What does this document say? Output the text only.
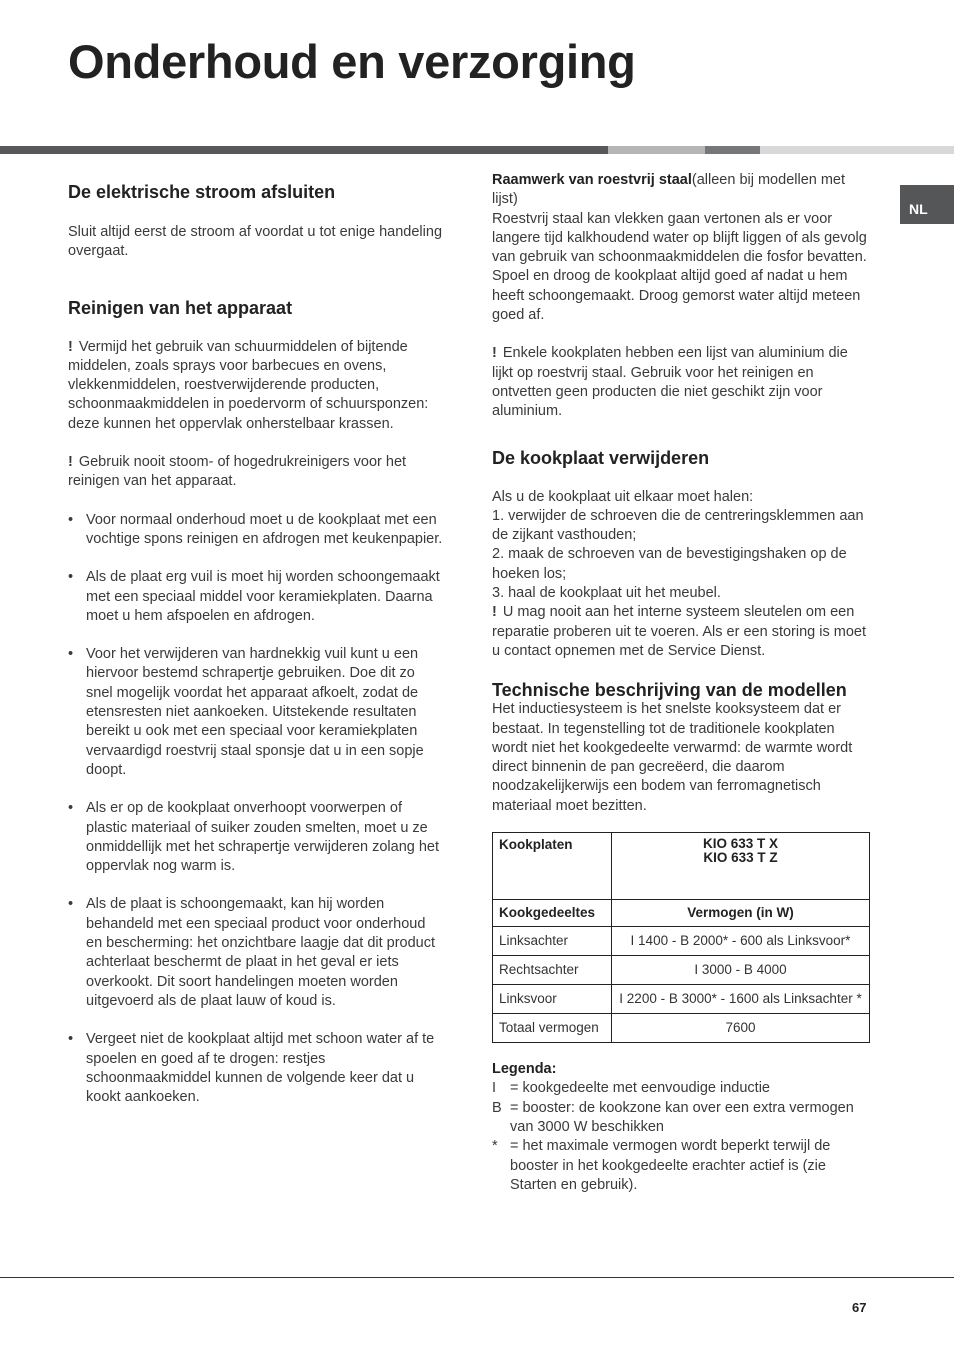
Onderhoud en verzorging
NL
De elektrische stroom afsluiten

Sluit altijd eerst de stroom af voordat u tot enige handeling overgaat.

Reinigen van het apparaat

! Vermijd het gebruik van schuurmiddelen of bijtende middelen, zoals sprays voor barbecues en ovens, vlekkenmiddelen, roestverwijderende producten, schoonmaakmiddelen in poedervorm of schuursponzen: deze kunnen het oppervlak onherstelbaar krassen.

! Gebruik nooit stoom- of hogedrukreinigers voor het reinigen van het apparaat.

• Voor normaal onderhoud moet u de kookplaat met een vochtige spons reinigen en afdrogen met keukenpapier.
• Als de plaat erg vuil is moet hij worden schoongemaakt met een speciaal middel voor keramiekplaten. Daarna moet u hem afspoelen en afdrogen.
• Voor het verwijderen van hardnekkig vuil kunt u een hiervoor bestemd schrapertje gebruiken. Doe dit zo snel mogelijk voordat het apparaat afkoelt, zodat de etensresten niet aankoeken. Uitstekende resultaten bereikt u ook met een speciaal voor keramiekplaten vervaardigd roestvrij staal sponsje dat u in een sopje doopt.
• Als er op de kookplaat onverhoopt voorwerpen of plastic materiaal of suiker zouden smelten, moet u ze onmiddellijk met het schrapertje verwijderen zolang het oppervlak nog warm is.
• Als de plaat is schoongemaakt, kan hij worden behandeld met een speciaal product voor onderhoud en bescherming: het onzichtbare laagje dat dit product achterlaat beschermt de plaat in het geval er iets overkookt. Dit soort handelingen moeten worden uitgevoerd als de plaat lauw of koud is.
• Vergeet niet de kookplaat altijd met schoon water af te spoelen en goed af te drogen: restjes schoonmaakmiddel kunnen de volgende keer dat u kookt aankoeken.

Raamwerk van roestvrij staal(alleen bij modellen met lijst)

Roestvrij staal kan vlekken gaan vertonen als er voor langere tijd kalkhoudend water op blijft liggen of als gevolg van gebruik van schoonmaakmiddelen die fosfor bevatten.

Spoel en droog de kookplaat altijd goed af nadat u hem heeft schoongemaakt. Droog gemorst water altijd meteen goed af.

! Enkele kookplaten hebben een lijst van aluminium die lijkt op roestvrij staal. Gebruik voor het reinigen en ontvetten geen producten die niet geschikt zijn voor aluminium.

De kookplaat verwijderen

Als u de kookplaat uit elkaar moet halen:

1. verwijder de schroeven die de centreringsklemmen aan de zijkant vasthouden;

2. maak de schroeven van de bevestigingshaken op de hoeken los;

3. haal de kookplaat uit het meubel.

! U mag nooit aan het interne systeem sleutelen om een reparatie proberen uit te voeren. Als er een storing is moet u contact opnemen met de Service Dienst.

Technische beschrijving van de modellen

Het inductiesysteem is het snelste kooksysteem dat er bestaat. In tegenstelling tot de traditionele kookplaten wordt niet het kookgedeelte verwarmd: de warmte wordt direct binnenin de pan gecreëerd, die daarom noodzakelijkerwijs een bodem van ferromagnetisch materiaal moet bezitten.

Kookplaten	KIO 633 T X
KIO 633 T Z

Kookgedeeltes	Vermogen (in W)
Linksachter	I 1400 - B 2000* - 600 als Linksvoor*
Rechtsachter	I 3000 - B 4000
Linksvoor	I 2200 - B 3000* - 1600 als Linksachter *
Totaal vermogen	7600
Legenda:
I = kookgedeelte met eenvoudige inductie
B = booster: de kookzone kan over een extra vermogen van 3000 W beschikken
* = het maximale vermogen wordt beperkt terwijl de booster in het kookgedeelte erachter actief is (zie Starten en gebruik).
67
